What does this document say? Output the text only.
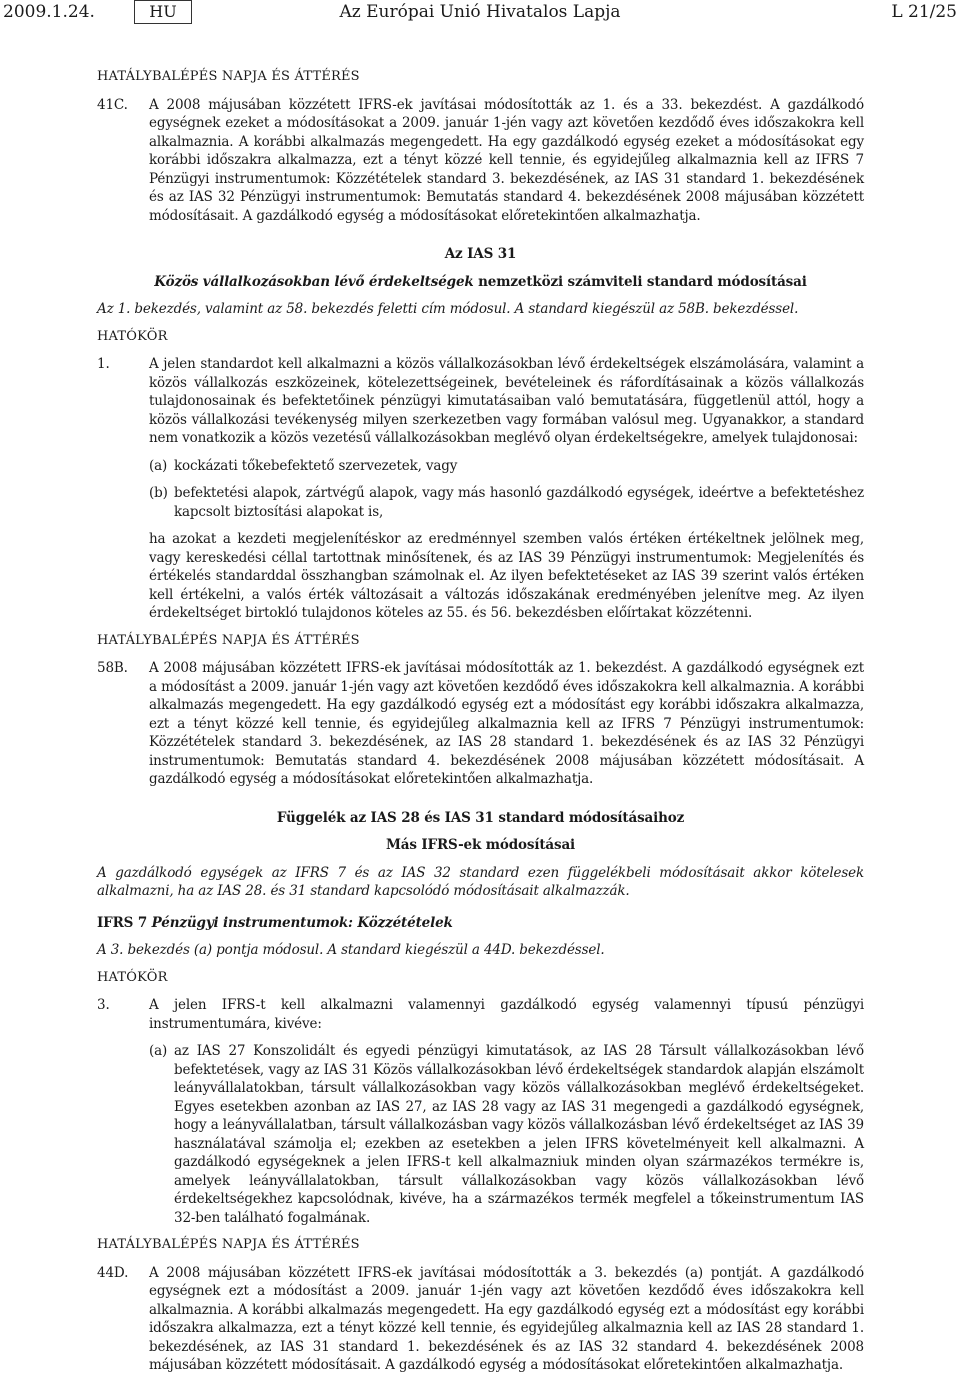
2009.1.24.	HU	Az Európai Unió Hivatalos Lapja	L 21/25

HATÁLYBALÉPÉS NAPJA ÉS ÁTTÉRÉS

41C. A 2008 májusában közzétett IFRS-ek javításai módosították az 1. és a 33. bekezdést. A gazdálkodó egységnek ezeket a módosításokat a 2009. január 1-jén vagy azt követően kezdődő éves időszakokra kell alkalmaznia. A korábbi alkalmazás megengedett. Ha egy gazdálkodó egység ezeket a módosításokat egy korábbi időszakra alkalmazza, ezt a tényt közzé kell tennie, és egyidejűleg alkalmaznia kell az IFRS 7 Pénzügyi instrumentumok: Közzétételek standard 3. bekezdésének, az IAS 31 standard 1. bekezdésének és az IAS 32 Pénzügyi instrumentumok: Bemutatás standard 4. bekezdésének 2008 májusában közzétett módosításait. A gazdálkodó egység a módosításokat előretekintően alkalmazhatja.

Az IAS 31

Közös vállalkozásokban lévő érdekeltségek nemzetközi számviteli standard módosításai

Az 1. bekezdés, valamint az 58. bekezdés feletti cím módosul. A standard kiegészül az 58B. bekezdéssel.

HATÓKÖR

1.	A jelen standardot kell alkalmazni a közös vállalkozásokban lévő érdekeltségek elszámolására, valamint a közös vállalkozás eszközeinek, kötelezettségeinek, bevételeinek és ráfordításainak a közös vállalkozás tulajdonosainak és befektetőinek pénzügyi kimutatásaiban való bemutatására, függetlenül attól, hogy a közös vállalkozási tevékenység milyen szerkezetben vagy formában valósul meg. Ugyanakkor, a standard nem vonatkozik a közös vezetésű vállalkozásokban meglévő olyan érdekeltségekre, amelyek tulajdonosai:
(a) kockázati tőkebefektető szervezetek, vagy
(b) befektetési alapok, zártvégű alapok, vagy más hasonló gazdálkodó egységek, ideértve a befektetéshez kapcsolt biztosítási alapokat is,

ha azokat a kezdeti megjelenítéskor az eredménnyel szemben valós értéken értékeltnek jelölnek meg, vagy kereskedési céllal tartottnak minősítenek, és az IAS 39 Pénzügyi instrumentumok: Megjelenítés és értékelés standarddal összhangban számolnak el. Az ilyen befektetéseket az IAS 39 szerint valós értéken kell értékelni, a valós érték változásait a változás időszakának eredményében jelenítve meg. Az ilyen érdekeltséget birtokló tulajdonos köteles az 55. és 56. bekezdésben előírtakat közzétenni.

HATÁLYBALÉPÉS NAPJA ÉS ÁTTÉRÉS

58B. A 2008 májusában közzétett IFRS-ek javításai módosították az 1. bekezdést. A gazdálkodó egységnek ezt a módosítást a 2009. január 1-jén vagy azt követően kezdődő éves időszakokra kell alkalmaznia. A korábbi alkalmazás megengedett. Ha egy gazdálkodó egység ezt a módosítást egy korábbi időszakra alkalmazza, ezt a tényt közzé kell tennie, és egyidejűleg alkalmaznia kell az IFRS 7 Pénzügyi instrumentumok: Közzétételek standard 3. bekezdésének, az IAS 28 standard 1. bekezdésének és az IAS 32 Pénzügyi instrumentumok: Bemutatás standard 4. bekezdésének 2008 májusában közzétett módosításait. A gazdálkodó egység a módosításokat előretekintően alkalmazhatja.

Függelék az IAS 28 és IAS 31 standard módosításaihoz

Más IFRS-ek módosításai

A gazdálkodó egységek az IFRS 7 és az IAS 32 standard ezen függelékbeli módosításait akkor kötelesek alkalmazni, ha az IAS 28. és 31 standard kapcsolódó módosításait alkalmazzák.

IFRS 7 Pénzügyi instrumentumok: Közzétételek

A 3. bekezdés (a) pontja módosul. A standard kiegészül a 44D. bekezdéssel.

HATÓKÖR

3.	A jelen IFRS-t kell alkalmazni valamennyi gazdálkodó egység valamennyi típusú pénzügyi instrumentumára, kivéve:
(a) az IAS 27 Konszolidált és egyedi pénzügyi kimutatások, az IAS 28 Társult vállalkozásokban lévő befektetések, vagy az IAS 31 Közös vállalkozásokban lévő érdekeltségek standardok alapján elszámolt leányvállalatokban, társult vállalkozásokban vagy közös vállalkozásokban meglévő érdekeltségeket. Egyes esetekben azonban az IAS 27, az IAS 28 vagy az IAS 31 megengedi a gazdálkodó egységnek, hogy a leányvállalatban, társult vállalkozásban vagy közös vállalkozásban lévő érdekeltséget az IAS 39 használatával számolja el; ezekben az esetekben a jelen IFRS követelményeit kell alkalmazni. A gazdálkodó egységeknek a jelen IFRS-t kell alkalmazniuk minden olyan származékos termékre is, amelyek leányvállalatokban, társult vállalkozásokban vagy közös vállalkozásokban lévő érdekeltségekhez kapcsolódnak, kivéve, ha a származékos termék megfelel a tőkeinstrumentum IAS 32-ben található fogalmának.

HATÁLYBALÉPÉS NAPJA ÉS ÁTTÉRÉS

44D. A 2008 májusában közzétett IFRS-ek javításai módosították a 3. bekezdés (a) pontját. A gazdálkodó egységnek ezt a módosítást a 2009. január 1-jén vagy azt követően kezdődő éves időszakokra kell alkalmaznia. A korábbi alkalmazás megengedett. Ha egy gazdálkodó egység ezt a módosítást egy korábbi időszakra alkalmazza, ezt a tényt közzé kell tennie, és egyidejűleg alkalmaznia kell az IAS 28 standard 1. bekezdésének, az IAS 31 standard 1. bekezdésének és az IAS 32 standard 4. bekezdésének 2008 májusában közzétett módosításait. A gazdálkodó egység a módosításokat előretekintően alkalmazhatja.
